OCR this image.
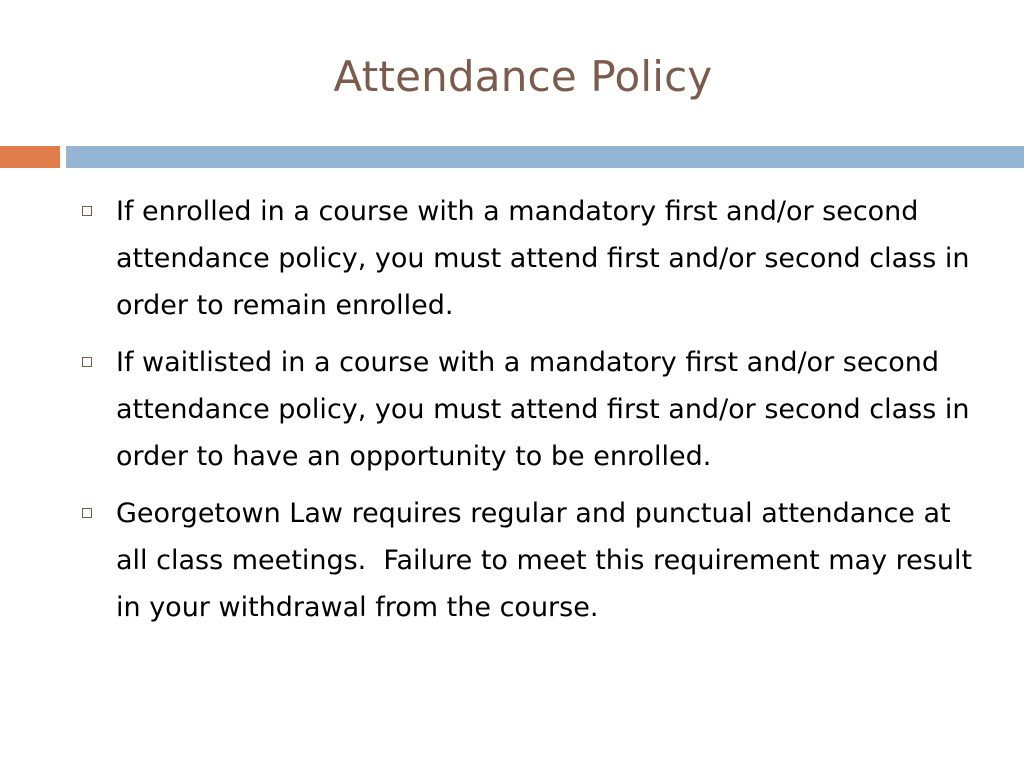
Attendance Policy
If enrolled in a course with a mandatory first and/or second attendance policy, you must attend first and/or second class in order to remain enrolled.
If waitlisted in a course with a mandatory first and/or second attendance policy, you must attend first and/or second class in order to have an opportunity to be enrolled.
Georgetown Law requires regular and punctual attendance at all class meetings.  Failure to meet this requirement may result in your withdrawal from the course.
